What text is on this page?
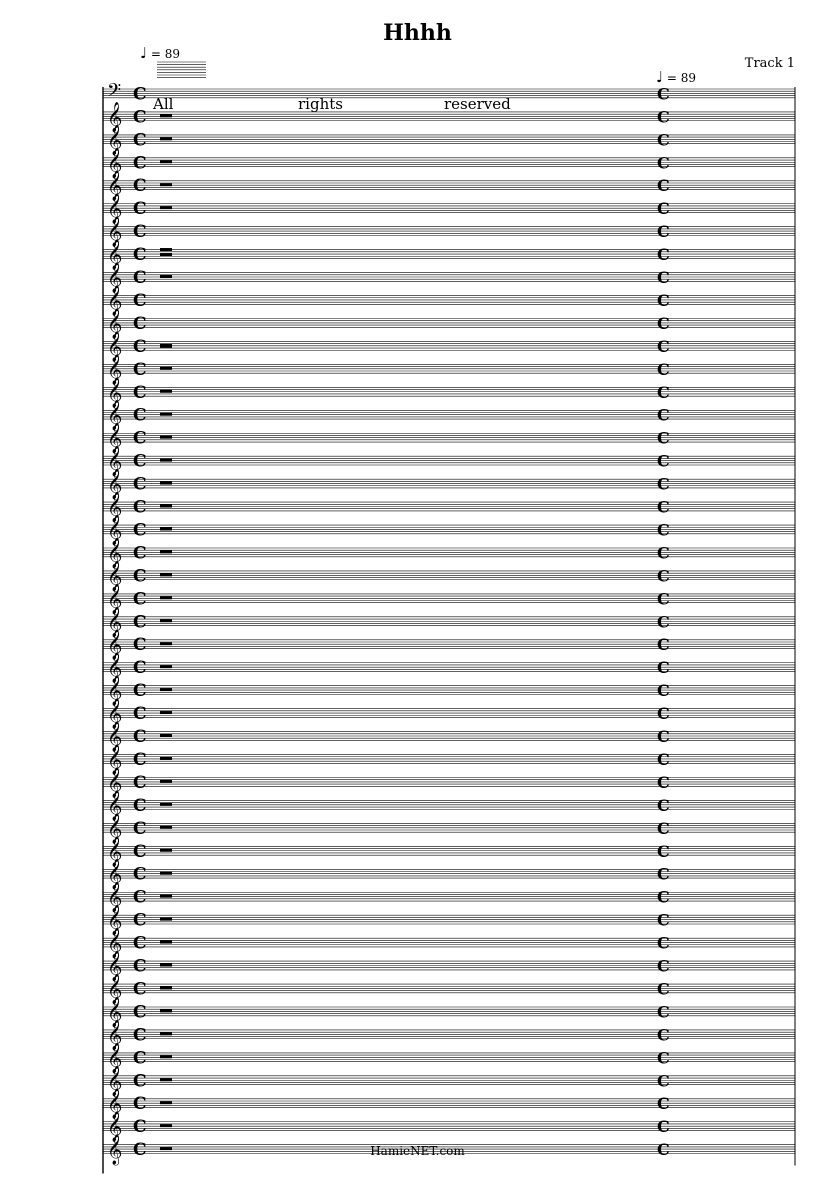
𝄢 C	C
𝄞 C	C
𝄞 C	C
𝄞 C	C
𝄞 C	C
𝄞 C	C
𝄞 C	C
𝄞 C	C
𝄞 C	C
𝄞 C	C
𝄞 C	C
𝄞 C	C
𝄞 C	C
𝄞 C	C
𝄞 C	C
𝄞 C	C
𝄞 C	C
𝄞 C	C
𝄞 C	C
𝄞 C	C
𝄞 C	C
𝄞 C	C
𝄞 C	C
𝄞 C	C
𝄞 C	C
𝄞 C	C
𝄞 C	C
𝄞 C	C
𝄞 C	C
𝄞 C	C
𝄞 C	C
𝄞 C	C
𝄞 C	C
𝄞 C	C
𝄞 C	C
𝄞 C	C
𝄞 C	C
𝄞 C	C
𝄞 C	C
𝄞 C	C
𝄞 C	C
𝄞 C	C
𝄞 C	C
𝄞 C	C
𝄞 C	C
𝄞 C	C
𝄞 C	C
Hhhh
Track 1
♩ = 89
♩ = 89
All	rights	reserved
HamieNET.com
